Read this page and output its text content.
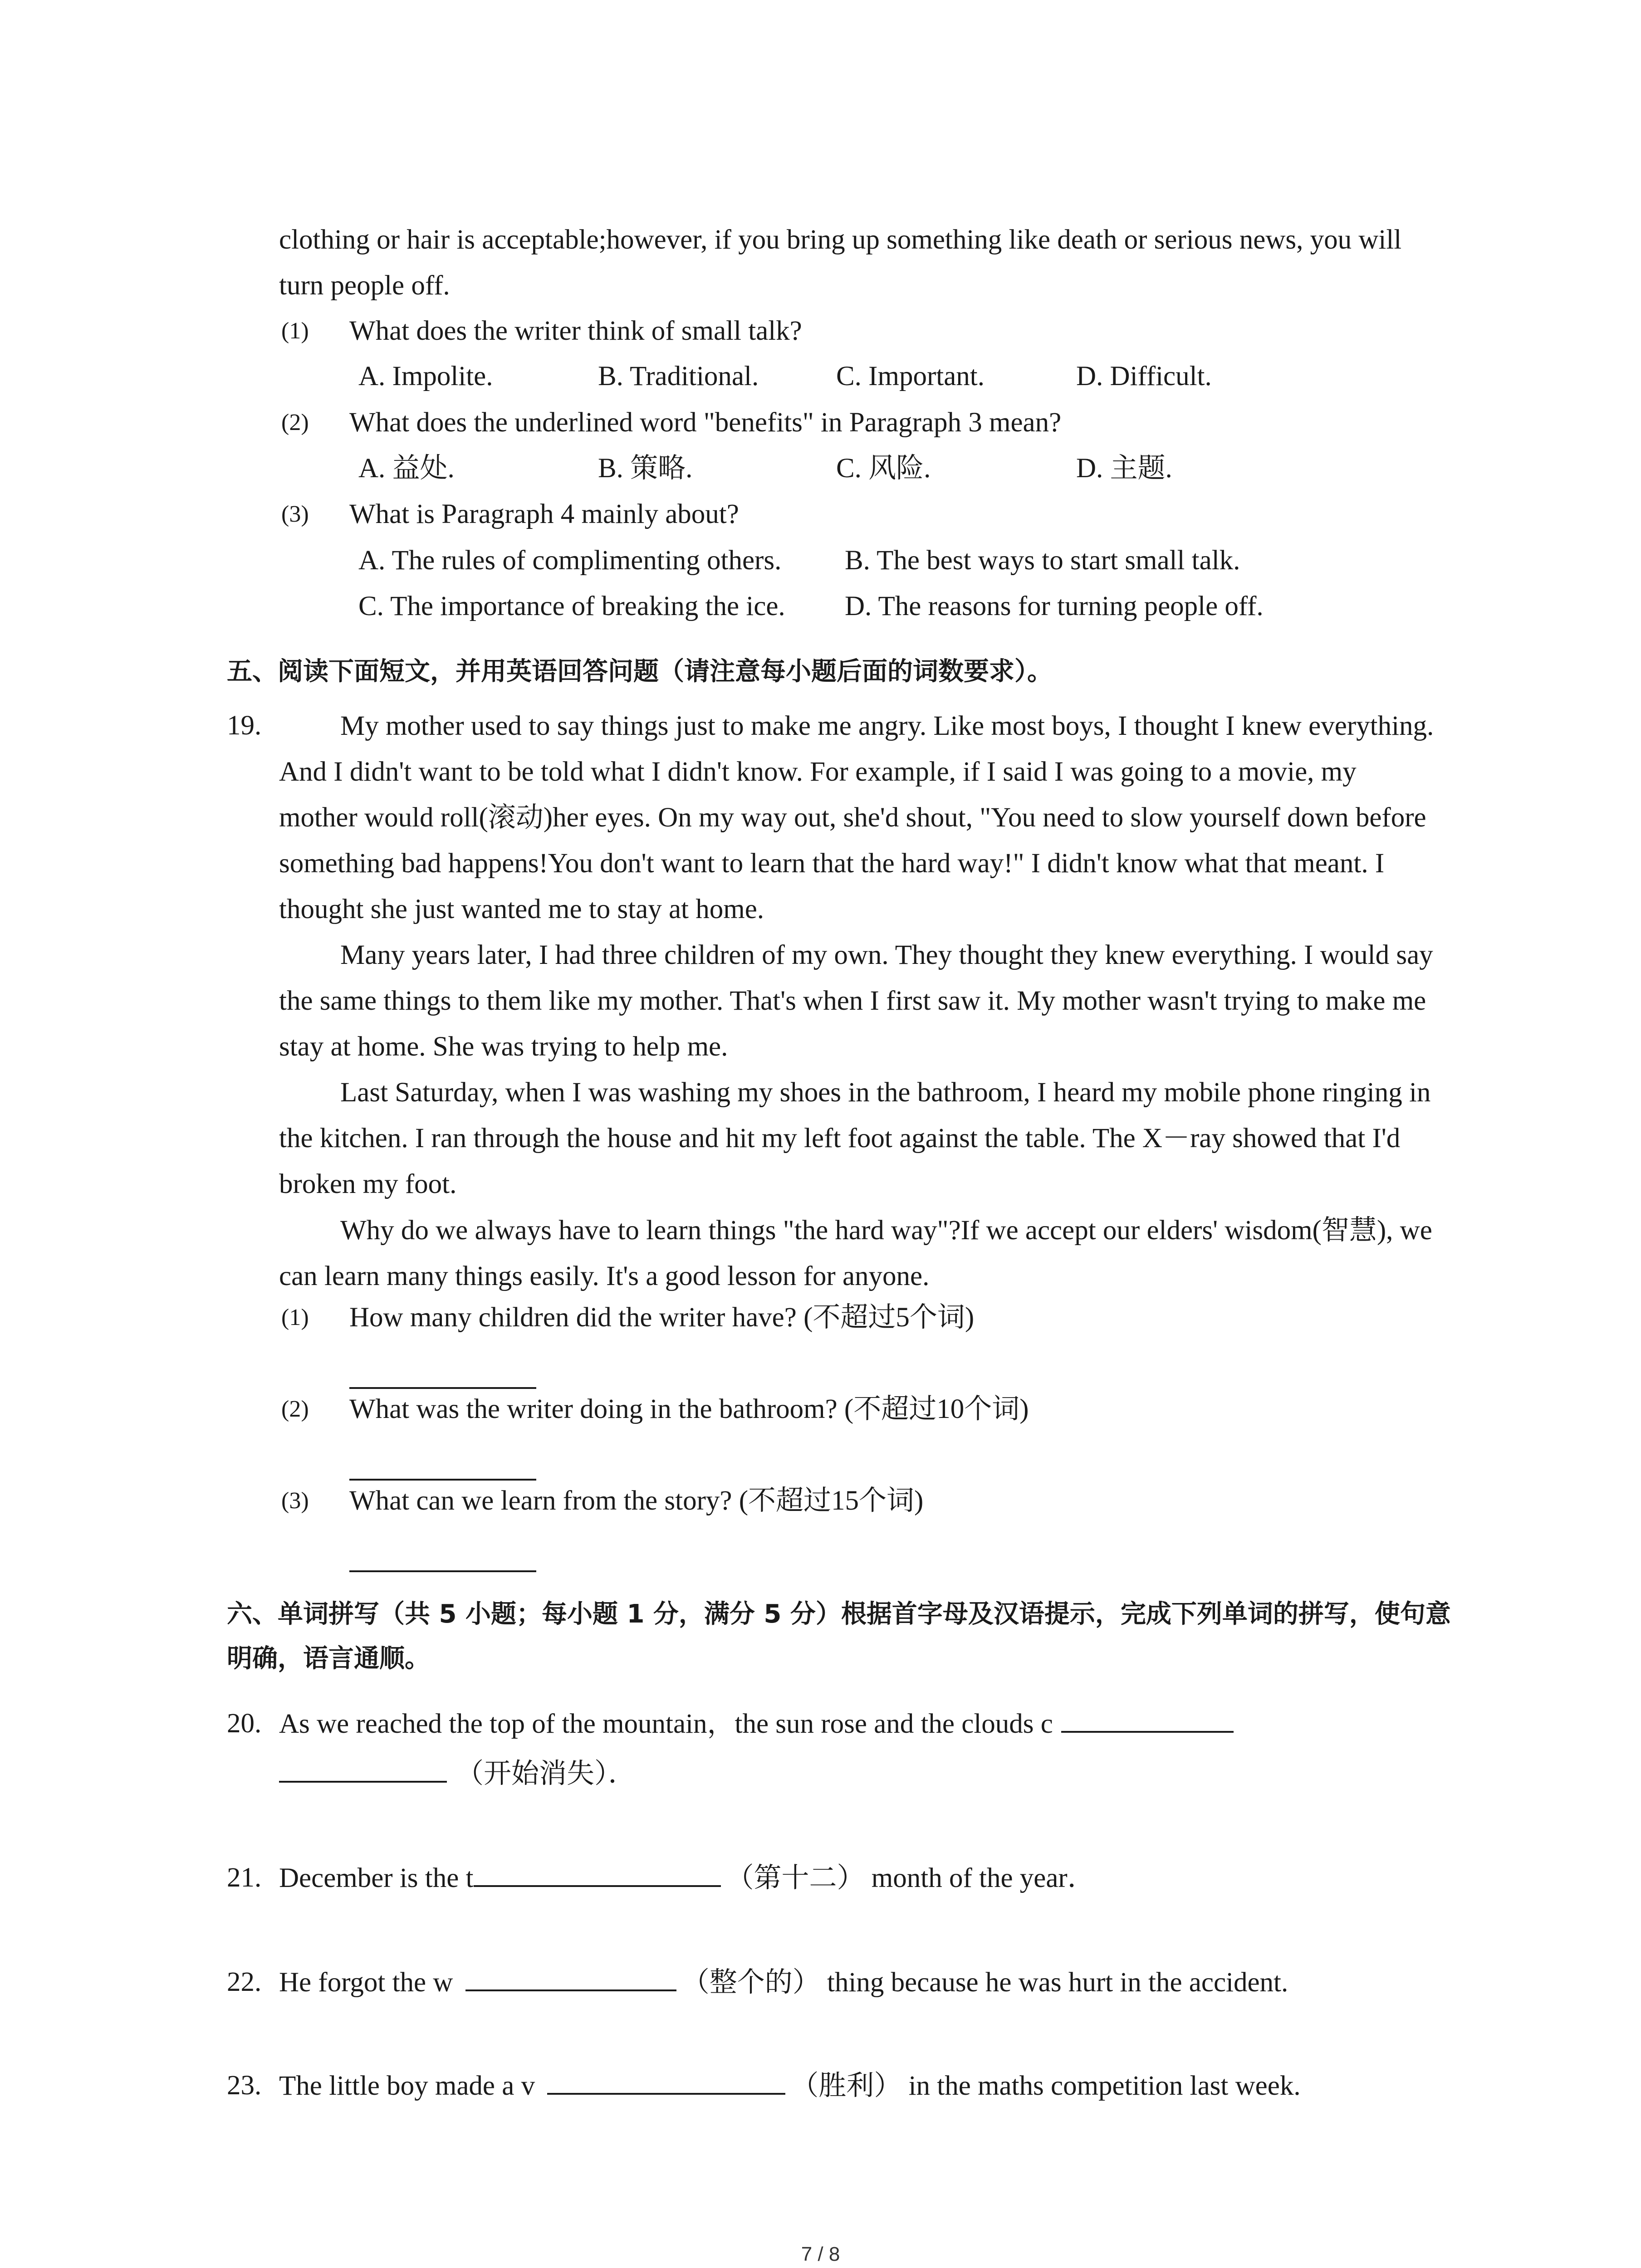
clothing or hair is acceptable;however, if you bring up something like death or serious news, you will turn people off.
(1) What does the writer think of small talk?
A. Impolite.	B. Traditional.	C. Important.	D. Difficult.
(2) What does the underlined word "benefits" in Paragraph 3 mean?
A. 益处.	B. 策略.	C. 风险.	D. 主题.
(3) What is Paragraph 4 mainly about?
A. The rules of complimenting others. B. The best ways to start small talk.
C. The importance of breaking the ice. D. The reasons for turning people off.
五、阅读下面短文，并用英语回答问题（请注意每小题后面的词数要求）。
19.	My mother used to say things just to make me angry. Like most boys, I thought I knew everything. And I didn't want to be told what I didn't know. For example, if I said I was going to a movie, my mother would roll(滚动)her eyes. On my way out, she'd shout, "You need to slow yourself down before something bad happens!You don't want to learn that the hard way!" I didn't know what that meant. I thought she just wanted me to stay at home.
Many years later, I had three children of my own. They thought they knew everything. I would say the same things to them like my mother. That's when I first saw it. My mother wasn't trying to make me stay at home. She was trying to help me.
Last Saturday, when I was washing my shoes in the bathroom, I heard my mobile phone ringing in the kitchen. I ran through the house and hit my left foot against the table. The X－ray showed that I'd broken my foot.
Why do we always have to learn things "the hard way"?If we accept our elders' wisdom(智慧), we can learn many things easily. It's a good lesson for anyone.
(1) How many children did the writer have? (不超过5个词)
(2) What was the writer doing in the bathroom? (不超过10个词)
(3) What can we learn from the story? (不超过15个词)
六、单词拼写（共 5 小题；每小题 1 分，满分 5 分）根据首字母及汉语提示，完成下列单词的拼写，使句意明确，语言通顺。
20. As we reached the top of the mountain，the sun rose and the clouds c
（开始消失）．
21. December is the t	（第十二） month of the year．
22. He forgot the w	（整个的） thing because he was hurt in the accident.
23. The little boy made a v	（胜利） in the maths competition last week.
7 / 8
